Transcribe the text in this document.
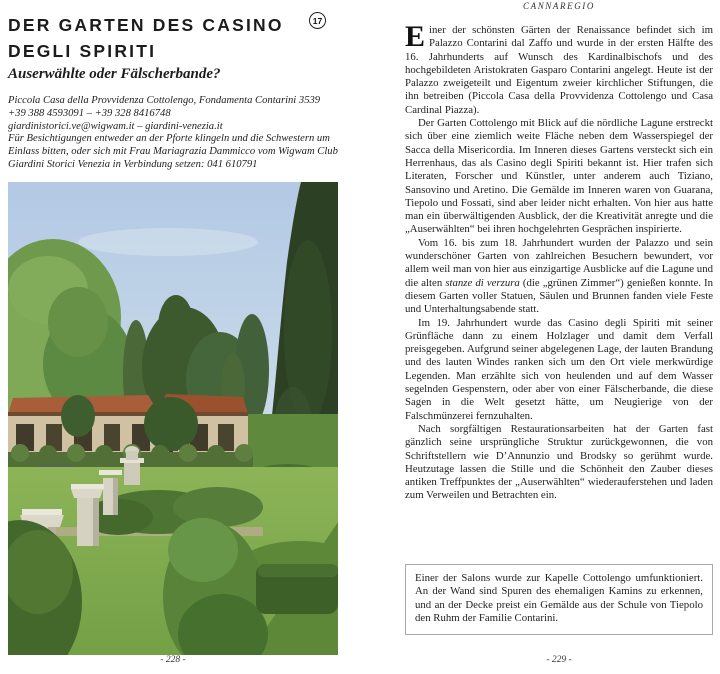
DER GARTEN DES CASINO
DEGLI SPIRITI
17
Auserwählte oder Fälscherbande?
Piccola Casa della Provvidenza Cottolengo, Fondamenta Contarini 3539
+39 388 4593091 – +39 328 8416748
giardinistorici.ve@wigwam.it – giardini-venezia.it
Für Besichtigungen entweder an der Pforte klingeln und die Schwestern um Einlass bitten, oder sich mit Frau Mariagrazia Dammicco vom Wigwam Club Giardini Storici Venezia in Verbindung setzen: 041 610791
- 228 -
CANNAREGIO

Einer der schönsten Gärten der Renaissance befindet sich im Palazzo Contarini dal Zaffo und wurde in der ersten Hälfte des 16. Jahrhunderts auf Wunsch des Kardinalbischofs und des hochgebildeten Aristokraten Gasparo Contarini angelegt. Heute ist der Palazzo zweigeteilt und Eigentum zweier kirchlicher Stiftungen, die ihn betreiben (Piccola Casa della Provvidenza Cottolengo und Casa Cardinal Piazza).

Der Garten Cottolengo mit Blick auf die nördliche Lagune erstreckt sich über eine ziemlich weite Fläche neben dem Wasserspiegel der Sacca della Misericordia. Im Inneren dieses Gartens versteckt sich ein Herrenhaus, das als Casino degli Spiriti bekannt ist. Hier trafen sich Literaten, Forscher und Künstler, unter anderem auch Tiziano, Sansovino und Aretino. Die Gemälde im Inneren waren von Guarana, Tiepolo und Fossati, sind aber leider nicht erhalten. Von hier aus hatte man ein überwältigenden Ausblick, der die Kreativität anregte und die „Auserwählten“ bei ihren hochgelehrten Gesprächen inspirierte.

Vom 16. bis zum 18. Jahrhundert wurden der Palazzo und sein wunderschöner Garten von zahlreichen Besuchern bewundert, vor allem weil man von hier aus einzigartige Ausblicke auf die Lagune und die alten stanze di verzura (die „grünen Zimmer“) genießen konnte. In diesem Garten voller Statuen, Säulen und Brunnen fanden viele Feste und Unterhaltungsabende statt.

Im 19. Jahrhundert wurde das Casino degli Spiriti mit seiner Grünfläche dann zu einem Holzlager und damit dem Verfall preisgegeben. Aufgrund seiner abgelegenen Lage, der lauten Brandung und des lauten Windes ranken sich um den Ort viele merkwürdige Legenden. Man erzählte sich von heulenden und auf dem Wasser segelnden Gespenstern, oder aber von einer Fälscherbande, die diese Sagen in die Welt gesetzt hätte, um Neugierige von der Falschmünzerei fernzuhalten.

Nach sorgfältigen Restaurationsarbeiten hat der Garten fast gänzlich seine ursprüngliche Struktur zurückgewonnen, die von Schriftstellern wie D’Annunzio und Brodsky so gerühmt wurde. Heutzutage lassen die Stille und die Schönheit den Zauber dieses antiken Treffpunktes der „Auserwählten“ wiederauferstehen und laden zum Verweilen und Betrachten ein.

Einer der Salons wurde zur Kapelle Cottolengo umfunktioniert. An der Wand sind Spuren des ehemaligen Kamins zu erkennen, und an der Decke preist ein Gemälde aus der Schule von Tiepolo den Ruhm der Familie Contarini.
- 229 -
